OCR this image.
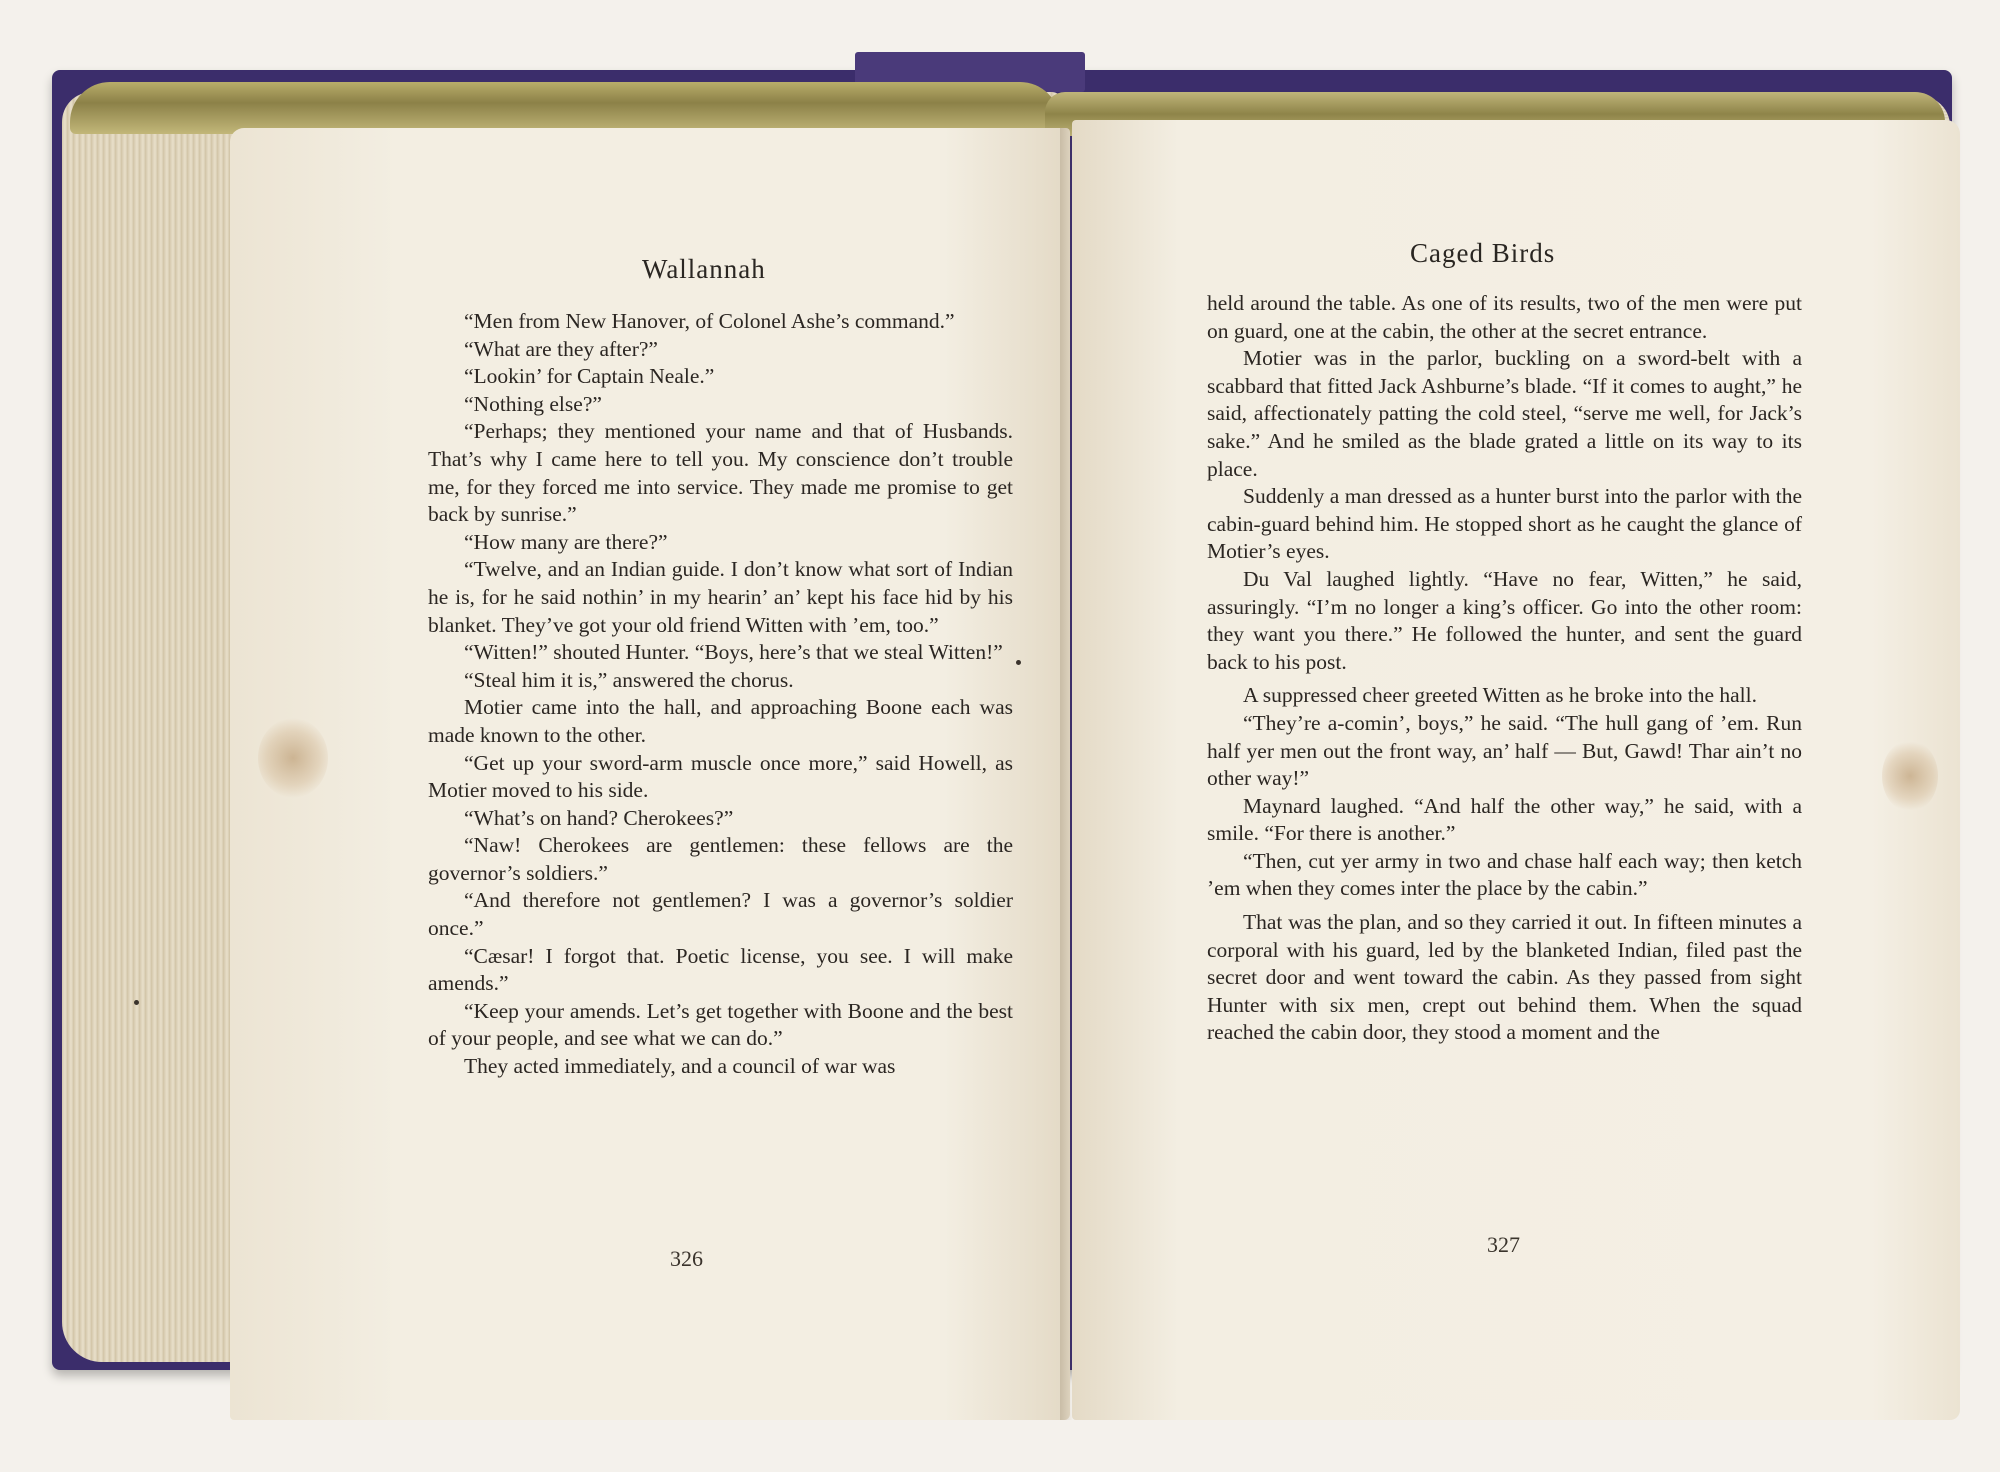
Wallannah

“Men from New Hanover, of Colonel Ashe’s command.”

“What are they after?”

“Lookin’ for Captain Neale.”

“Nothing else?”

“Perhaps; they mentioned your name and that of Husbands. That’s why I came here to tell you. My conscience don’t trouble me, for they forced me into service. They made me promise to get back by sunrise.”

“How many are there?”

“Twelve, and an Indian guide. I don’t know what sort of Indian he is, for he said nothin’ in my hearin’ an’ kept his face hid by his blanket. They’ve got your old friend Witten with ’em, too.”

“Witten!” shouted Hunter. “Boys, here’s that we steal Witten!”

“Steal him it is,” answered the chorus.

Motier came into the hall, and approaching Boone each was made known to the other.

“Get up your sword-arm muscle once more,” said Howell, as Motier moved to his side.

“What’s on hand? Cherokees?”

“Naw! Cherokees are gentlemen: these fellows are the governor’s soldiers.”

“And therefore not gentlemen? I was a governor’s soldier once.”

“Cæsar! I forgot that. Poetic license, you see. I will make amends.”

“Keep your amends. Let’s get together with Boone and the best of your people, and see what we can do.”

They acted immediately, and a council of war was

326
Caged Birds

held around the table. As one of its results, two of the men were put on guard, one at the cabin, the other at the secret entrance.

Motier was in the parlor, buckling on a sword-belt with a scabbard that fitted Jack Ashburne’s blade. “If it comes to aught,” he said, affectionately patting the cold steel, “serve me well, for Jack’s sake.” And he smiled as the blade grated a little on its way to its place.

Suddenly a man dressed as a hunter burst into the parlor with the cabin-guard behind him. He stopped short as he caught the glance of Motier’s eyes.

Du Val laughed lightly. “Have no fear, Witten,” he said, assuringly. “I’m no longer a king’s officer. Go into the other room: they want you there.” He followed the hunter, and sent the guard back to his post.

A suppressed cheer greeted Witten as he broke into the hall.

“They’re a-comin’, boys,” he said. “The hull gang of ’em. Run half yer men out the front way, an’ half — But, Gawd! Thar ain’t no other way!”

Maynard laughed. “And half the other way,” he said, with a smile. “For there is another.”

“Then, cut yer army in two and chase half each way; then ketch ’em when they comes inter the place by the cabin.”

That was the plan, and so they carried it out. In fifteen minutes a corporal with his guard, led by the blanketed Indian, filed past the secret door and went toward the cabin. As they passed from sight Hunter with six men, crept out behind them. When the squad reached the cabin door, they stood a moment and the

327
